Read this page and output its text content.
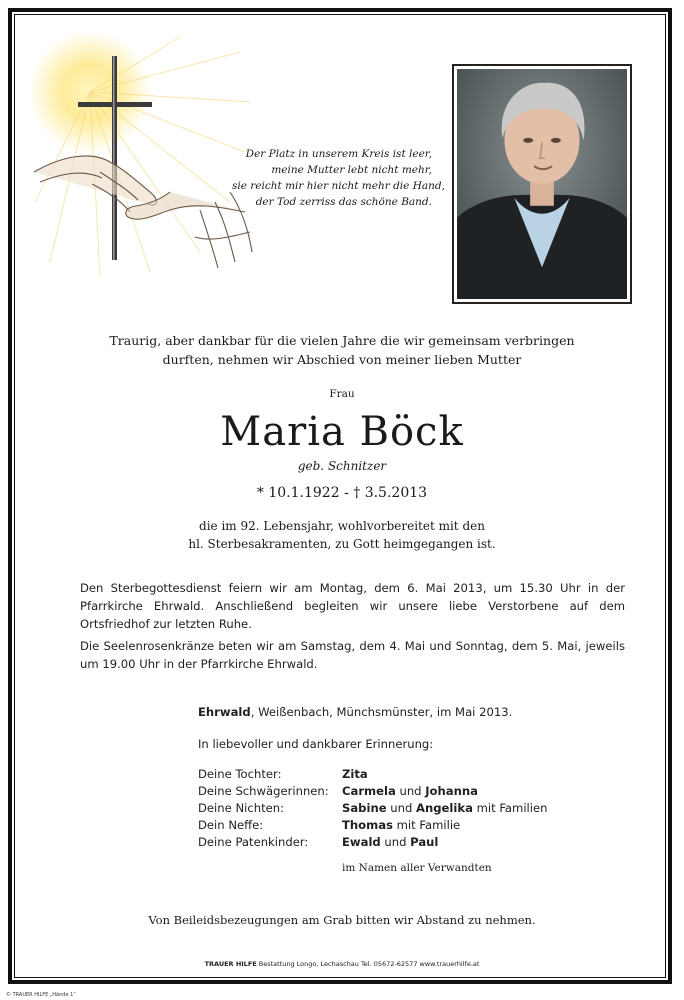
Der Platz in unserem Kreis ist leer,
meine Mutter lebt nicht mehr,
sie reicht mir hier nicht mehr die Hand,
der Tod zerriss das schöne Band.
Traurig, aber dankbar für die vielen Jahre die wir gemeinsam verbringen
durften, nehmen wir Abschied von meiner lieben Mutter
Frau
Maria Böck
geb. Schnitzer
* 10.1.1922 - † 3.5.2013
die im 92. Lebensjahr, wohlvorbereitet mit den
hl. Sterbesakramenten, zu Gott heimgegangen ist.
Den Sterbegottesdienst feiern wir am Montag, dem 6. Mai 2013, um 15.30 Uhr in der Pfarrkirche Ehrwald. Anschließend begleiten wir unsere liebe Verstorbene auf dem Ortsfriedhof zur letzten Ruhe.
Die Seelenrosenkränze beten wir am Samstag, dem 4. Mai und Sonntag, dem 5. Mai, jeweils um 19.00 Uhr in der Pfarrkirche Ehrwald.
Ehrwald, Weißenbach, Münchsmünster, im Mai 2013.
In liebevoller und dankbarer Erinnerung:
Deine Tochter:	Zita
Deine Schwägerinnen:	Carmela und Johanna
Deine Nichten:	Sabine und Angelika mit Familien
Dein Neffe:	Thomas mit Familie
Deine Patenkinder:	Ewald und Paul
im Namen aller Verwandten
Von Beileidsbezeugungen am Grab bitten wir Abstand zu nehmen.
TRAUER HILFE Bestattung Longo, Lechaschau Tel. 05672-62577 www.trauerhilfe.at
© TRAUER HILFE „Hände 1“
